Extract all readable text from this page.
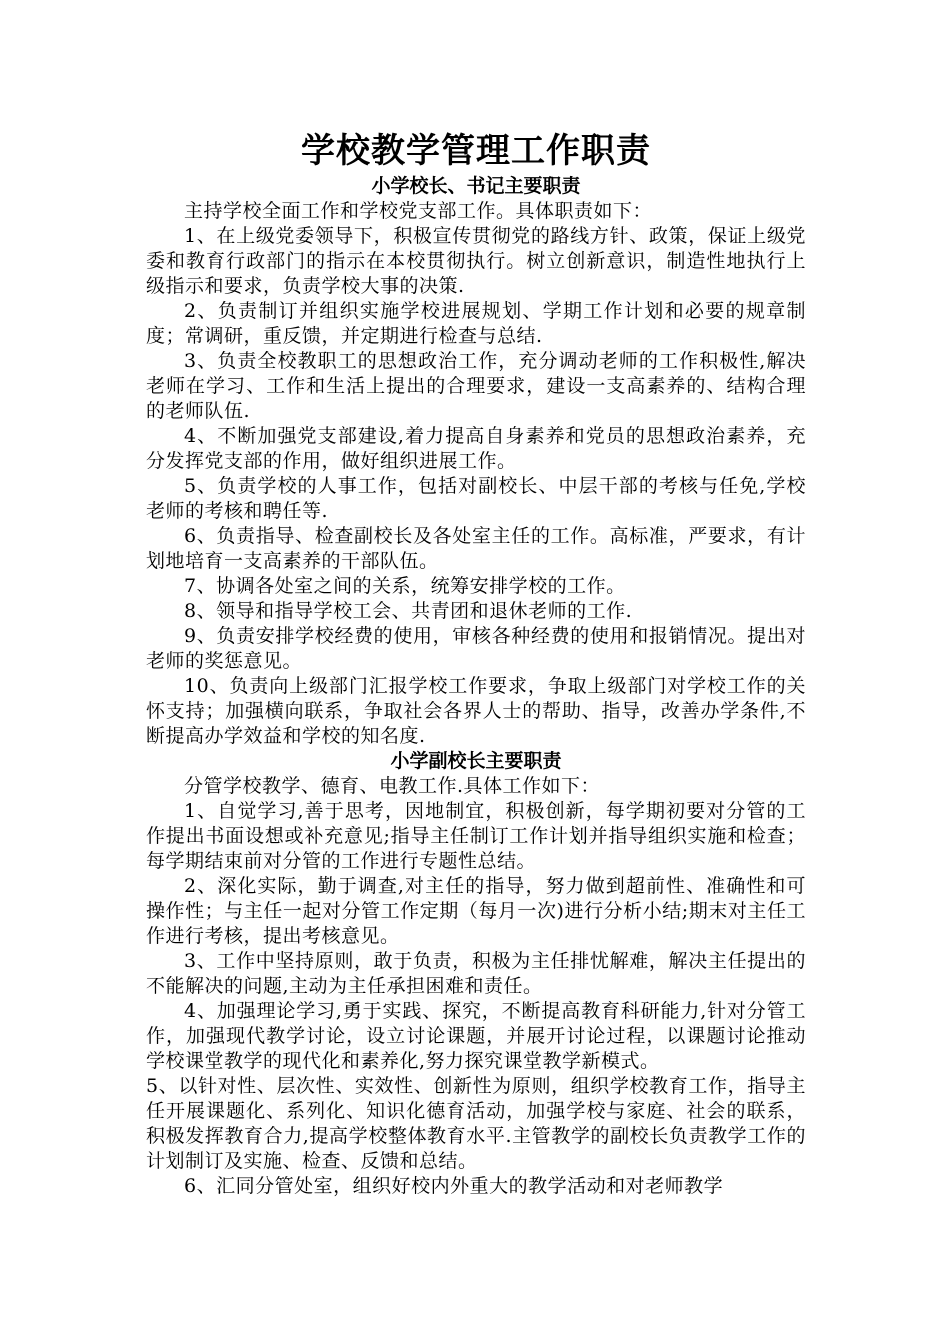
学校教学管理工作职责
小学校长、书记主要职责

主持学校全面工作和学校党支部工作。具体职责如下：

1、在上级党委领导下，积极宣传贯彻党的路线方针、政策，保证上级党委和教育行政部门的指示在本校贯彻执行。树立创新意识，制造性地执行上级指示和要求，负责学校大事的决策.

2、负责制订并组织实施学校进展规划、学期工作计划和必要的规章制度；常调研，重反馈，并定期进行检查与总结.

3、负责全校教职工的思想政治工作，充分调动老师的工作积极性,解决老师在学习、工作和生活上提出的合理要求，建设一支高素养的、结构合理的老师队伍.

4、不断加强党支部建设,着力提高自身素养和党员的思想政治素养，充分发挥党支部的作用，做好组织进展工作。

5、负责学校的人事工作，包括对副校长、中层干部的考核与任免,学校老师的考核和聘任等.

6、负责指导、检查副校长及各处室主任的工作。高标准，严要求，有计划地培育一支高素养的干部队伍。

7、协调各处室之间的关系，统筹安排学校的工作。

8、领导和指导学校工会、共青团和退休老师的工作.

9、负责安排学校经费的使用，审核各种经费的使用和报销情况。提出对老师的奖惩意见。

10、负责向上级部门汇报学校工作要求，争取上级部门对学校工作的关怀支持；加强横向联系，争取社会各界人士的帮助、指导，改善办学条件,不断提高办学效益和学校的知名度.

小学副校长主要职责

分管学校教学、德育、电教工作.具体工作如下：

1、自觉学习,善于思考，因地制宜，积极创新，每学期初要对分管的工作提出书面设想或补充意见;指导主任制订工作计划并指导组织实施和检查；每学期结束前对分管的工作进行专题性总结。

2、深化实际，勤于调查,对主任的指导，努力做到超前性、准确性和可操作性；与主任一起对分管工作定期（每月一次)进行分析小结;期末对主任工作进行考核，提出考核意见。

3、工作中坚持原则，敢于负责，积极为主任排忧解难，解决主任提出的不能解决的问题,主动为主任承担困难和责任。

4、加强理论学习,勇于实践、探究，不断提高教育科研能力,针对分管工作，加强现代教学讨论，设立讨论课题，并展开讨论过程，以课题讨论推动学校课堂教学的现代化和素养化,努力探究课堂教学新模式。

5、以针对性、层次性、实效性、创新性为原则，组织学校教育工作，指导主任开展课题化、系列化、知识化德育活动，加强学校与家庭、社会的联系，积极发挥教育合力,提高学校整体教育水平.主管教学的副校长负责教学工作的计划制订及实施、检查、反馈和总结。

6、汇同分管处室，组织好校内外重大的教学活动和对老师教学
